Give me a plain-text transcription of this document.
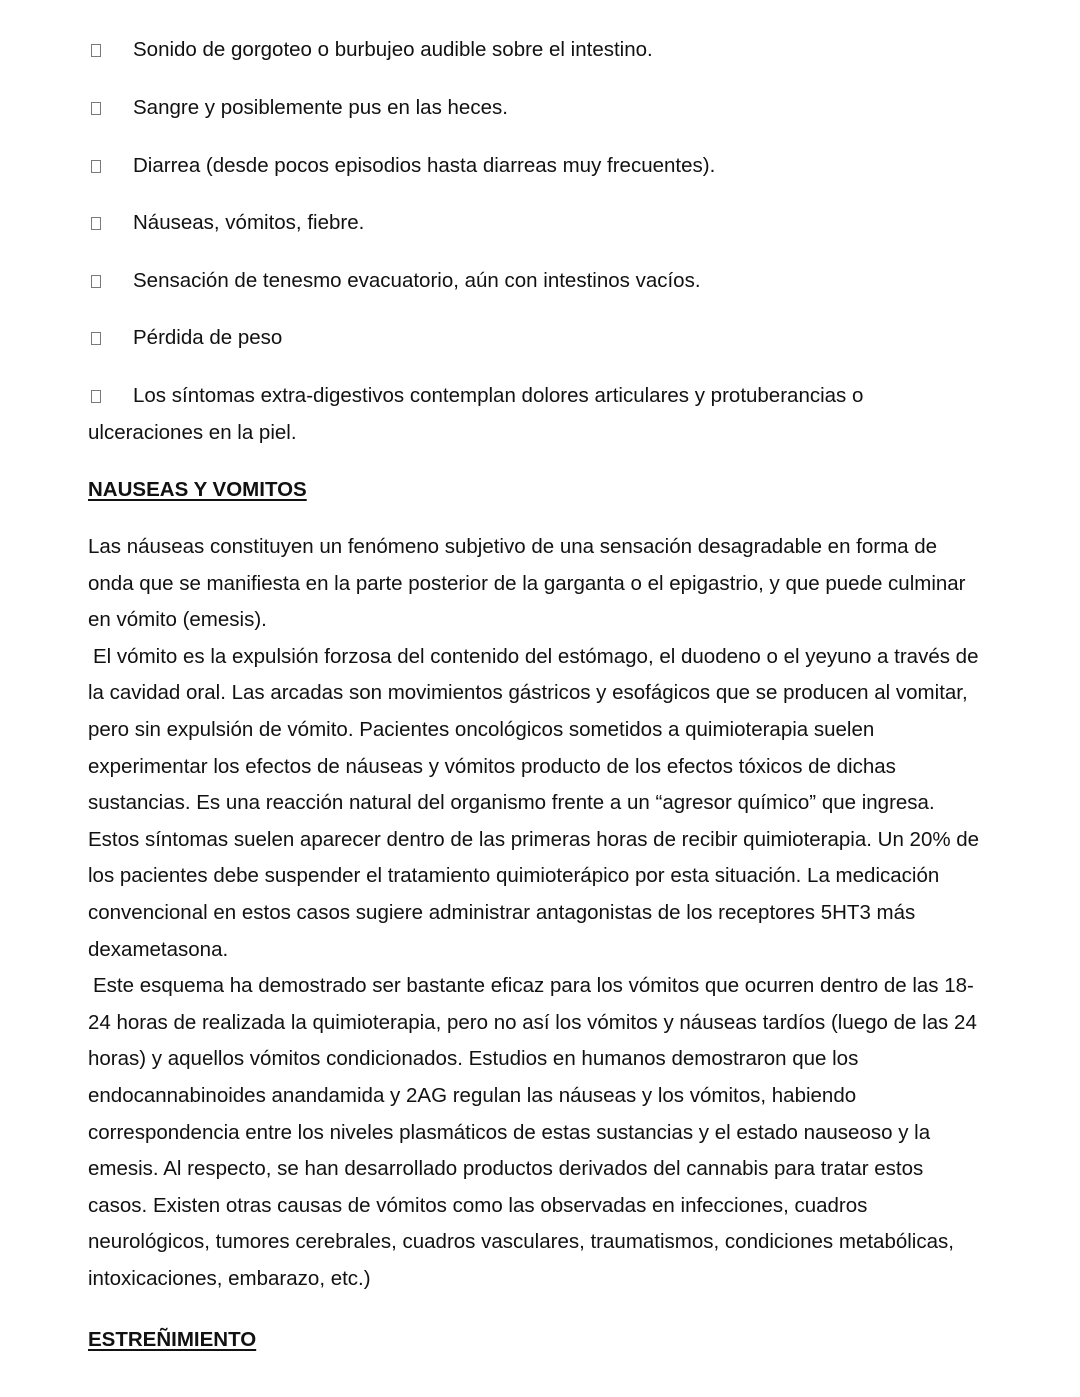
Sonido de gorgoteo o burbujeo audible sobre el intestino.

Sangre y posiblemente pus en las heces.

Diarrea (desde pocos episodios hasta diarreas muy frecuentes).

Náuseas, vómitos, fiebre.

Sensación de tenesmo evacuatorio, aún con intestinos vacíos.

Pérdida de peso

Los síntomas extra-digestivos contemplan dolores articulares y protuberancias o ulceraciones en la piel.

NAUSEAS Y VOMITOS

Las náuseas constituyen un fenómeno subjetivo de una sensación desagradable en forma de onda que se manifiesta en la parte posterior de la garganta o el epigastrio, y que puede culminar en vómito (emesis).

El vómito es la expulsión forzosa del contenido del estómago, el duodeno o el yeyuno a través de la cavidad oral. Las arcadas son movimientos gástricos y esofágicos que se producen al vomitar, pero sin expulsión de vómito. Pacientes oncológicos sometidos a quimioterapia suelen experimentar los efectos de náuseas y vómitos producto de los efectos tóxicos de dichas sustancias. Es una reacción natural del organismo frente a un “agresor químico” que ingresa. Estos síntomas suelen aparecer dentro de las primeras horas de recibir quimioterapia. Un 20% de los pacientes debe suspender el tratamiento quimioterápico por esta situación. La medicación convencional en estos casos sugiere administrar antagonistas de los receptores 5HT3 más dexametasona.

Este esquema ha demostrado ser bastante eficaz para los vómitos que ocurren dentro de las 18-24 horas de realizada la quimioterapia, pero no así los vómitos y náuseas tardíos (luego de las 24 horas) y aquellos vómitos condicionados. Estudios en humanos demostraron que los endocannabinoides anandamida y 2AG regulan las náuseas y los vómitos, habiendo correspondencia entre los niveles plasmáticos de estas sustancias y el estado nauseoso y la emesis. Al respecto, se han desarrollado productos derivados del cannabis para tratar estos casos. Existen otras causas de vómitos como las observadas en infecciones, cuadros neurológicos, tumores cerebrales, cuadros vasculares, traumatismos, condiciones metabólicas, intoxicaciones, embarazo, etc.)

ESTREÑIMIENTO
